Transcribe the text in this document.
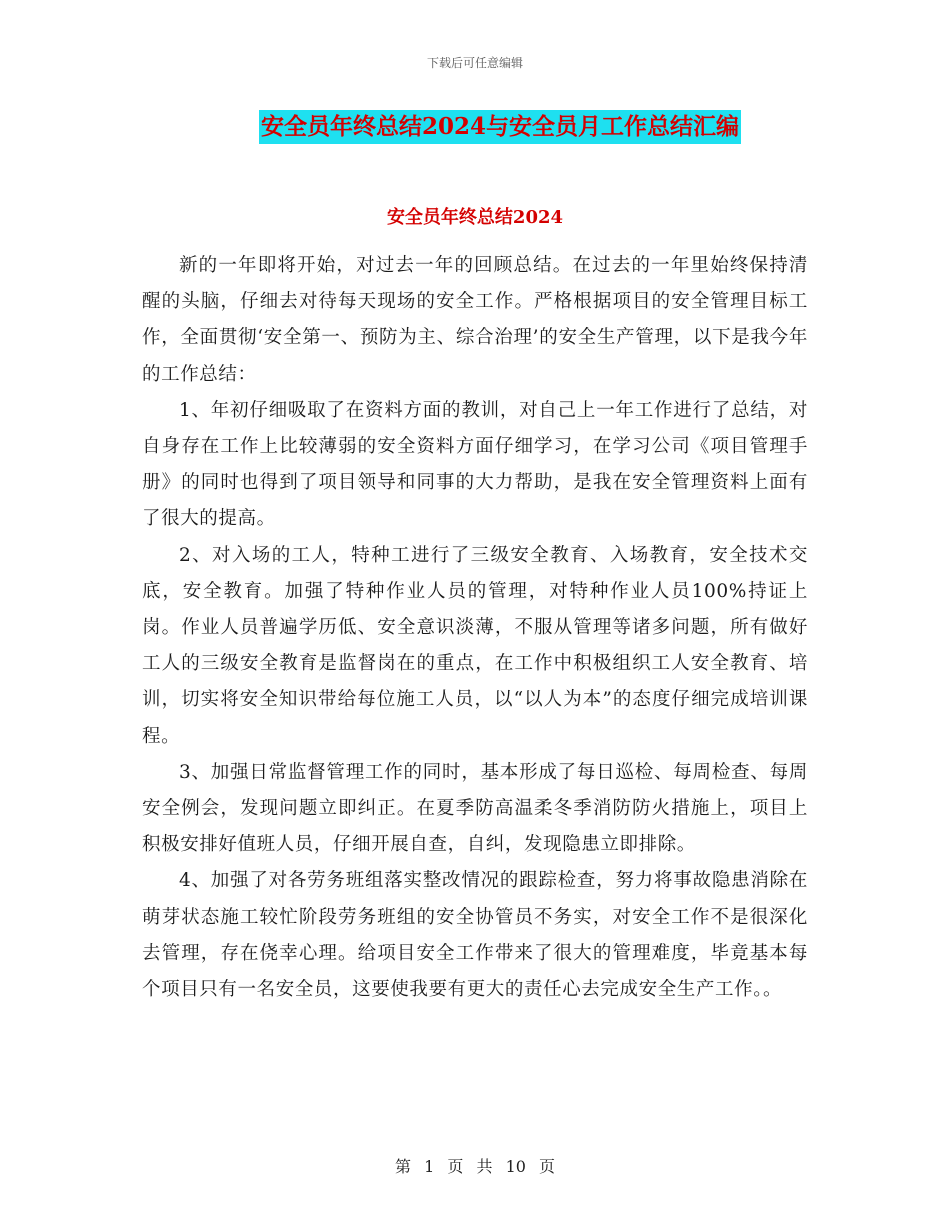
下载后可任意编辑
安全员年终总结2024与安全员月工作总结汇编
安全员年终总结2024

新的一年即将开始，对过去一年的回顾总结。在过去的一年里始终保持清醒的头脑，仔细去对待每天现场的安全工作。严格根据项目的安全管理目标工作，全面贯彻‘安全第一、预防为主、综合治理’的安全生产管理，以下是我今年的工作总结：

1、年初仔细吸取了在资料方面的教训，对自己上一年工作进行了总结，对自身存在工作上比较薄弱的安全资料方面仔细学习，在学习公司《项目管理手册》的同时也得到了项目领导和同事的大力帮助，是我在安全管理资料上面有了很大的提高。

2、对入场的工人，特种工进行了三级安全教育、入场教育，安全技术交底，安全教育。加强了特种作业人员的管理，对特种作业人员100%持证上岗。作业人员普遍学历低、安全意识淡薄，不服从管理等诸多问题，所有做好工人的三级安全教育是监督岗在的重点，在工作中积极组织工人安全教育、培训，切实将安全知识带给每位施工人员，以“以人为本”的态度仔细完成培训课程。

3、加强日常监督管理工作的同时，基本形成了每日巡检、每周检查、每周安全例会，发现问题立即纠正。在夏季防高温柔冬季消防防火措施上，项目上积极安排好值班人员，仔细开展自查，自纠，发现隐患立即排除。

4、加强了对各劳务班组落实整改情况的跟踪检查，努力将事故隐患消除在萌芽状态施工较忙阶段劳务班组的安全协管员不务实，对安全工作不是很深化去管理，存在侥幸心理。给项目安全工作带来了很大的管理难度，毕竟基本每个项目只有一名安全员，这要使我要有更大的责任心去完成安全生产工作。。

第 1 页 共 10 页
